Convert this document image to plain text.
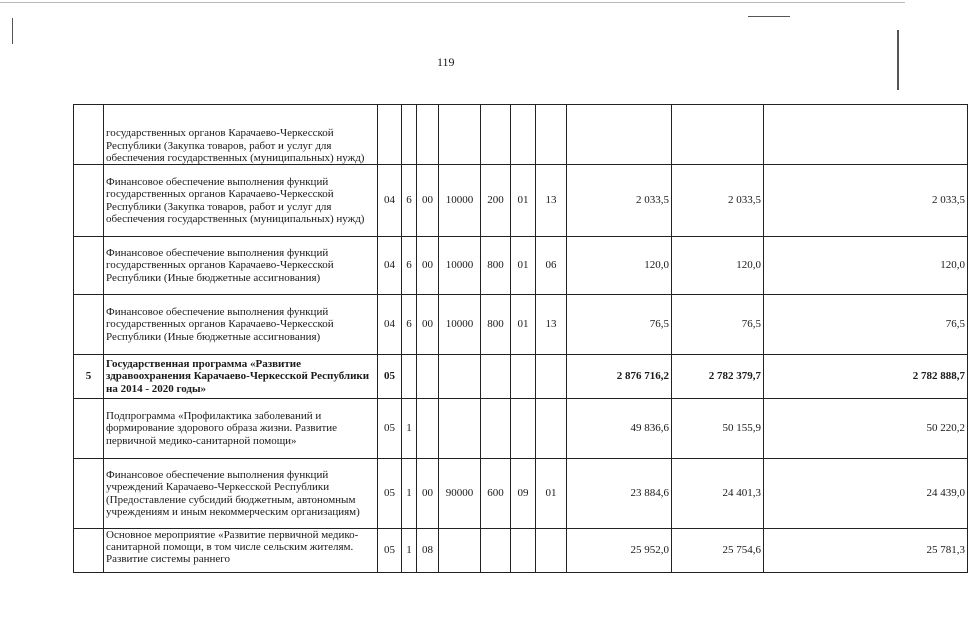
119
	государственных органов Карачаево-Черкесской Республики (Закупка товаров, работ и услуг для обеспечения государственных (муниципальных) нужд)										
	Финансовое обеспечение выполнения функций государственных органов Карачаево-Черкесской Республики (Закупка товаров, работ и услуг для обеспечения государственных (муниципальных) нужд)	04	6	00	10000	200	01	13	2 033,5	2 033,5	2 033,5
	Финансовое обеспечение выполнения функций государственных органов Карачаево-Черкесской Республики (Иные бюджетные ассигнования)	04	6	00	10000	800	01	06	120,0	120,0	120,0
	Финансовое обеспечение выполнения функций государственных органов Карачаево-Черкесской Республики (Иные бюджетные ассигнования)	04	6	00	10000	800	01	13	76,5	76,5	76,5
5	Государственная программа «Развитие здравоохранения Карачаево-Черкесской Республики на 2014 - 2020 годы»	05							2 876 716,2	2 782 379,7	2 782 888,7
	Подпрограмма «Профилактика заболеваний и формирование здорового образа жизни. Развитие первичной медико-санитарной помощи»	05	1						49 836,6	50 155,9	50 220,2
	Финансовое обеспечение выполнения функций учреждений Карачаево-Черкесской Республики (Предоставление субсидий бюджетным, автономным учреждениям и иным некоммерческим организациям)	05	1	00	90000	600	09	01	23 884,6	24 401,3	24 439,0
	Основное мероприятие «Развитие первичной медико-санитарной помощи, в том числе сельским жителям. Развитие системы раннего	05	1	08					25 952,0	25 754,6	25 781,3
